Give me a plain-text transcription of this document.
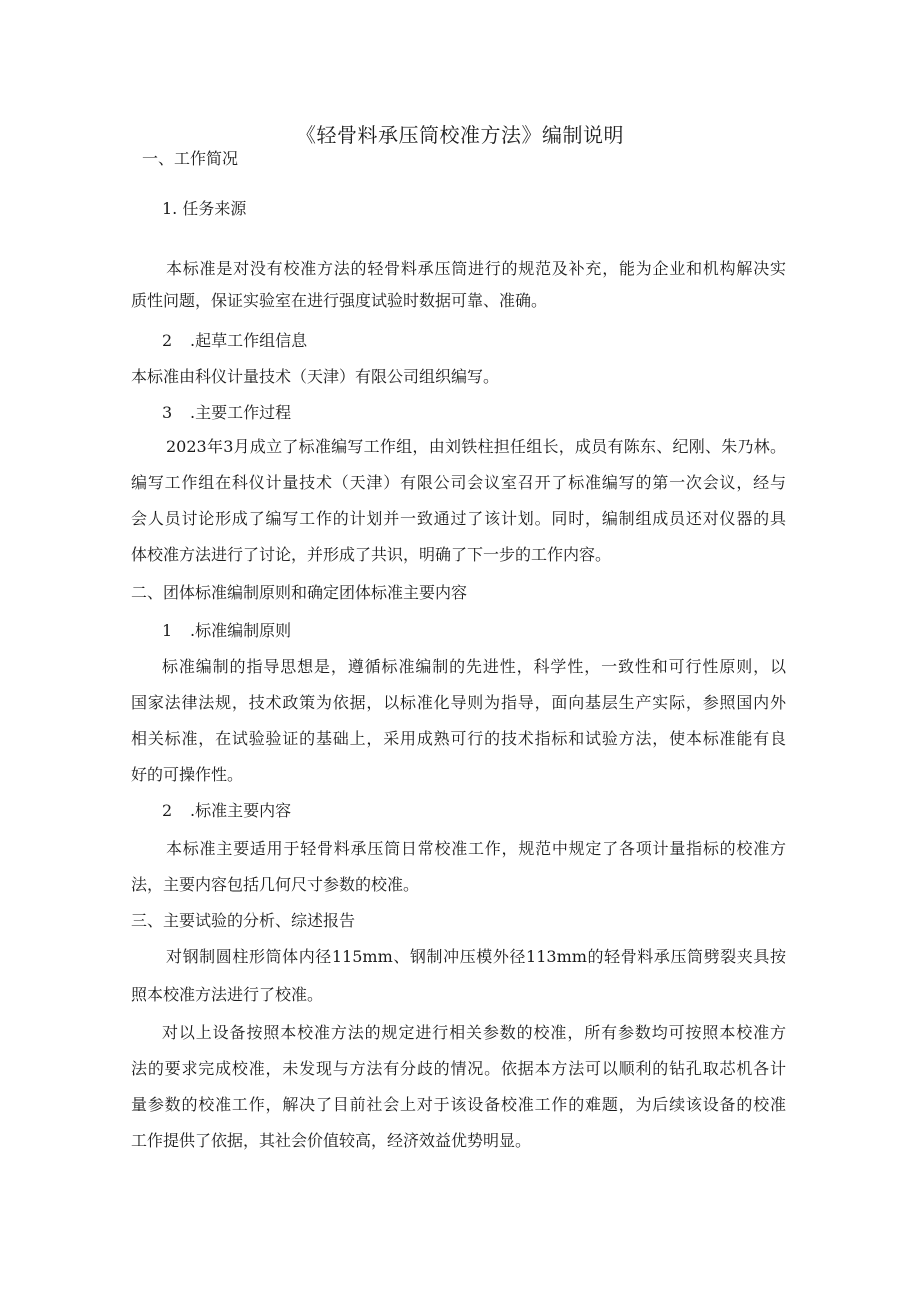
《轻骨料承压筒校准方法》编制说明
一、工作简况
1. 任务来源
本标准是对没有校准方法的轻骨料承压筒进行的规范及补充，能为企业和机构解决实
质性问题，保证实验室在进行强度试验时数据可靠、准确。
2 .起草工作组信息
本标准由科仪计量技术（天津）有限公司组织编写。
3 .主要工作过程
2023年3月成立了标准编写工作组，由刘铁柱担任组长，成员有陈东、纪刚、朱乃林。
编写工作组在科仪计量技术（天津）有限公司会议室召开了标准编写的第一次会议，经与
会人员讨论形成了编写工作的计划并一致通过了该计划。同时，编制组成员还对仪器的具
体校准方法进行了讨论，并形成了共识，明确了下一步的工作内容。
二、团体标准编制原则和确定团体标准主要内容
1 .标准编制原则
标准编制的指导思想是，遵循标准编制的先进性，科学性，一致性和可行性原则，以
国家法律法规，技术政策为依据，以标准化导则为指导，面向基层生产实际，参照国内外
相关标准，在试验验证的基础上，采用成熟可行的技术指标和试验方法，使本标准能有良
好的可操作性。
2 .标准主要内容
本标准主要适用于轻骨料承压筒日常校准工作，规范中规定了各项计量指标的校准方
法，主要内容包括几何尺寸参数的校准。
三、主要试验的分析、综述报告
对钢制圆柱形筒体内径115mm、钢制冲压模外径113mm的轻骨料承压筒劈裂夹具按
照本校准方法进行了校准。
对以上设备按照本校准方法的规定进行相关参数的校准，所有参数均可按照本校准方
法的要求完成校准，未发现与方法有分歧的情况。依据本方法可以顺利的钻孔取芯机各计
量参数的校准工作，解决了目前社会上对于该设备校准工作的难题，为后续该设备的校准
工作提供了依据，其社会价值较高，经济效益优势明显。
